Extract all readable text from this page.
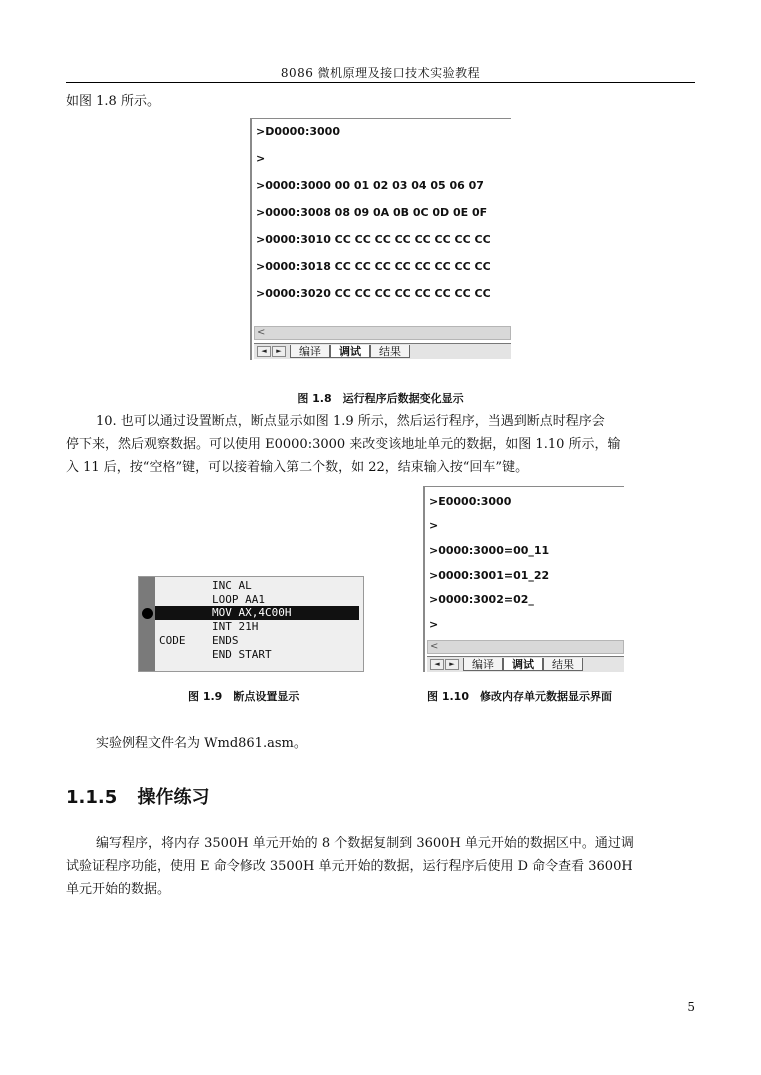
8086 微机原理及接口技术实验教程
如图 1.8 所示。
>D0000:3000
>
>0000:3000 00 01 02 03 04 05 06 07
>0000:3008 08 09 0A 0B 0C 0D 0E 0F
>0000:3010 CC CC CC CC CC CC CC CC
>0000:3018 CC CC CC CC CC CC CC CC
>0000:3020 CC CC CC CC CC CC CC CC
<
◄	►	编译	调试	结果
图 1.8　运行程序后数据变化显示
10. 也可以通过设置断点，断点显示如图 1.9 所示，然后运行程序，当遇到断点时程序会
停下来，然后观察数据。可以使用 E0000:3000 来改变该地址单元的数据，如图 1.10 所示，输
入 11 后，按“空格”键，可以接着输入第二个数，如 22，结束输入按“回车”键。
>E0000:3000
>
>0000:3000=00_11
>0000:3001=01_22
>0000:3002=02_
>
<
◄	►	编译	调试	结果
INC AL
LOOP AA1
MOV AX,4C00H
INT 21H
CODE    ENDS
END START
图 1.9　断点设置显示	图 1.10　修改内存单元数据显示界面
实验例程文件名为 Wmd861.asm。
1.1.5 操作练习
编写程序，将内存 3500H 单元开始的 8 个数据复制到 3600H 单元开始的数据区中。通过调
试验证程序功能，使用 E 命令修改 3500H 单元开始的数据，运行程序后使用 D 命令查看 3600H
单元开始的数据。
5
